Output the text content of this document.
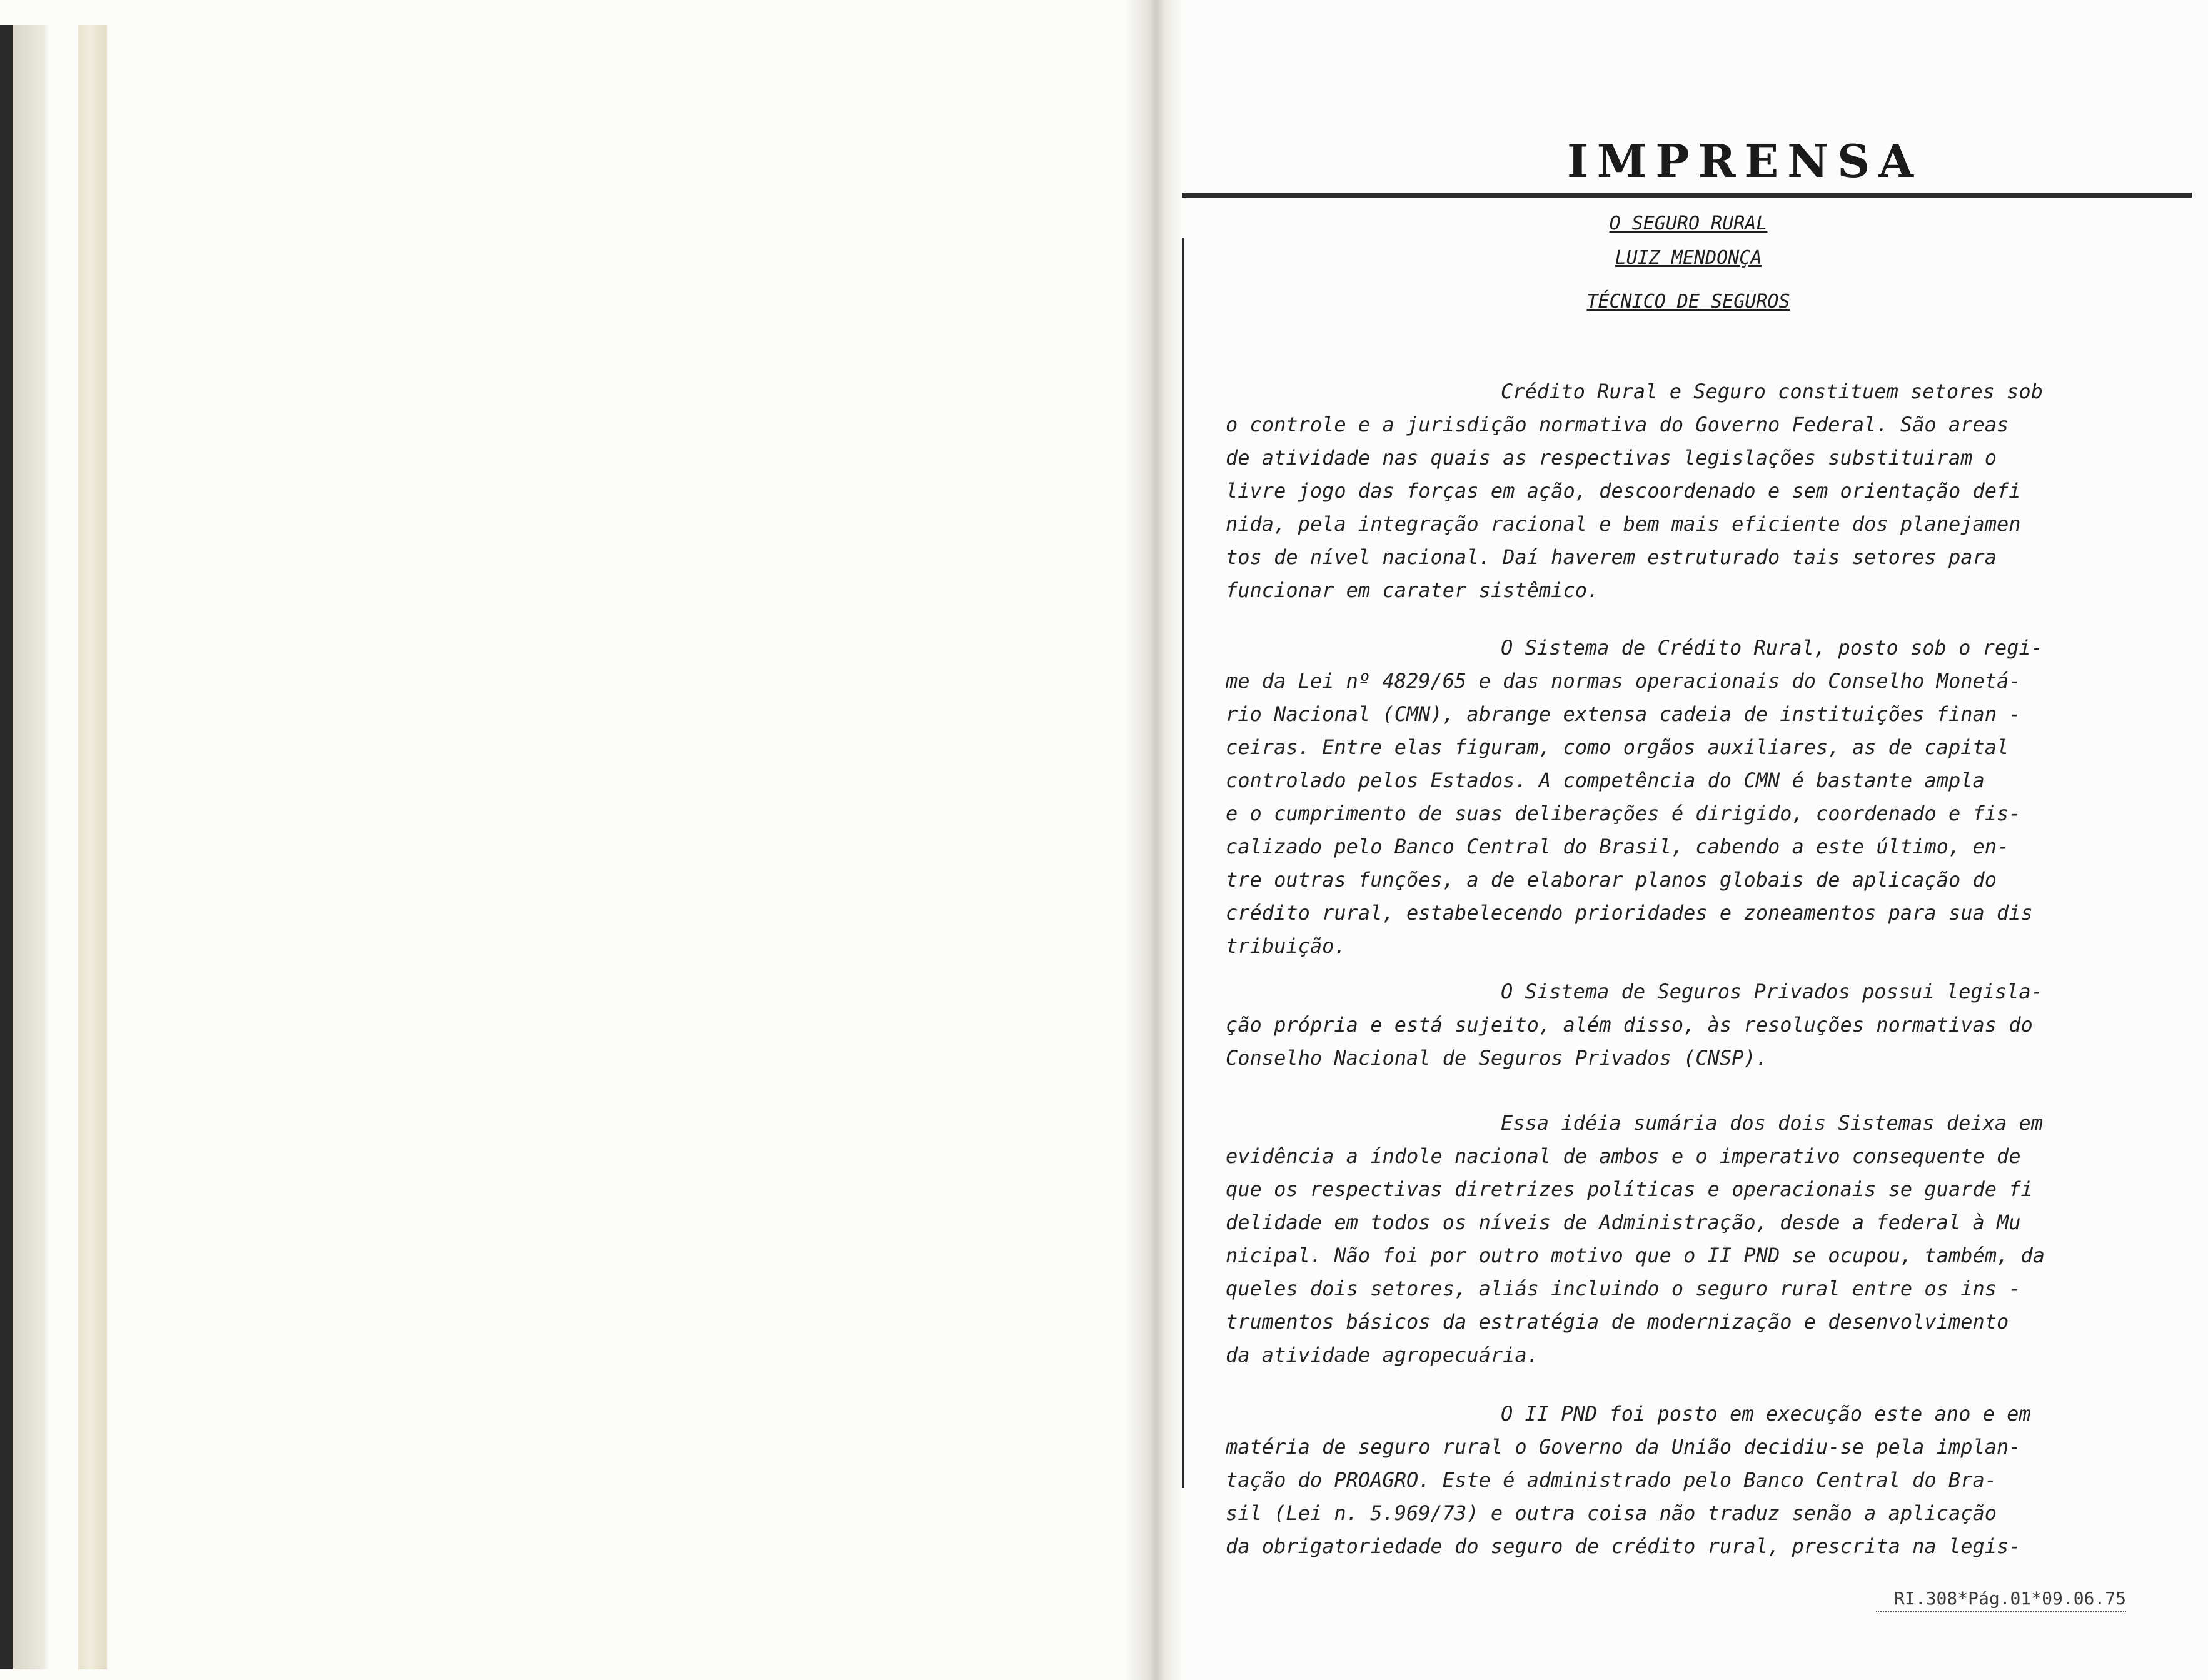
IMPRENSA
O SEGURO RURAL
LUIZ MENDONÇA
TÉCNICO DE SEGUROS

Crédito Rural e Seguro constituem setores sob

o controle e a jurisdição normativa do Governo Federal. São areas

de atividade nas quais as respectivas legislações substituiram o

livre jogo das forças em ação, descoordenado e sem orientação defi

nida, pela integração racional e bem mais eficiente dos planejamen

tos de nível nacional. Daí haverem estruturado tais setores para

funcionar em carater sistêmico.

O Sistema de Crédito Rural, posto sob o regi-

me da Lei nº 4829/65 e das normas operacionais do Conselho Monetá-

rio Nacional (CMN), abrange extensa cadeia de instituições finan -

ceiras. Entre elas figuram, como orgãos auxiliares, as de capital

controlado pelos Estados. A competência do CMN é bastante ampla

e o cumprimento de suas deliberações é dirigido, coordenado e fis-

calizado pelo Banco Central do Brasil, cabendo a este último, en-

tre outras funções, a de elaborar planos globais de aplicação do

crédito rural, estabelecendo prioridades e zoneamentos para sua dis

tribuição.

O Sistema de Seguros Privados possui legisla-

ção própria e está sujeito, além disso, às resoluções normativas do

Conselho Nacional de Seguros Privados (CNSP).

Essa idéia sumária dos dois Sistemas deixa em

evidência a índole nacional de ambos e o imperativo consequente de

que os respectivas diretrizes políticas e operacionais se guarde fi

delidade em todos os níveis de Administração, desde a federal à Mu

nicipal. Não foi por outro motivo que o II PND se ocupou, também, da

queles dois setores, aliás incluindo o seguro rural entre os ins -

trumentos básicos da estratégia de modernização e desenvolvimento

da atividade agropecuária.

O II PND foi posto em execução este ano e em

matéria de seguro rural o Governo da União decidiu-se pela implan-

tação do PROAGRO. Este é administrado pelo Banco Central do Bra-

sil (Lei n. 5.969/73) e outra coisa não traduz senão a aplicação

da obrigatoriedade do seguro de crédito rural, prescrita na legis-

RI.308*Pág.01*09.06.75
